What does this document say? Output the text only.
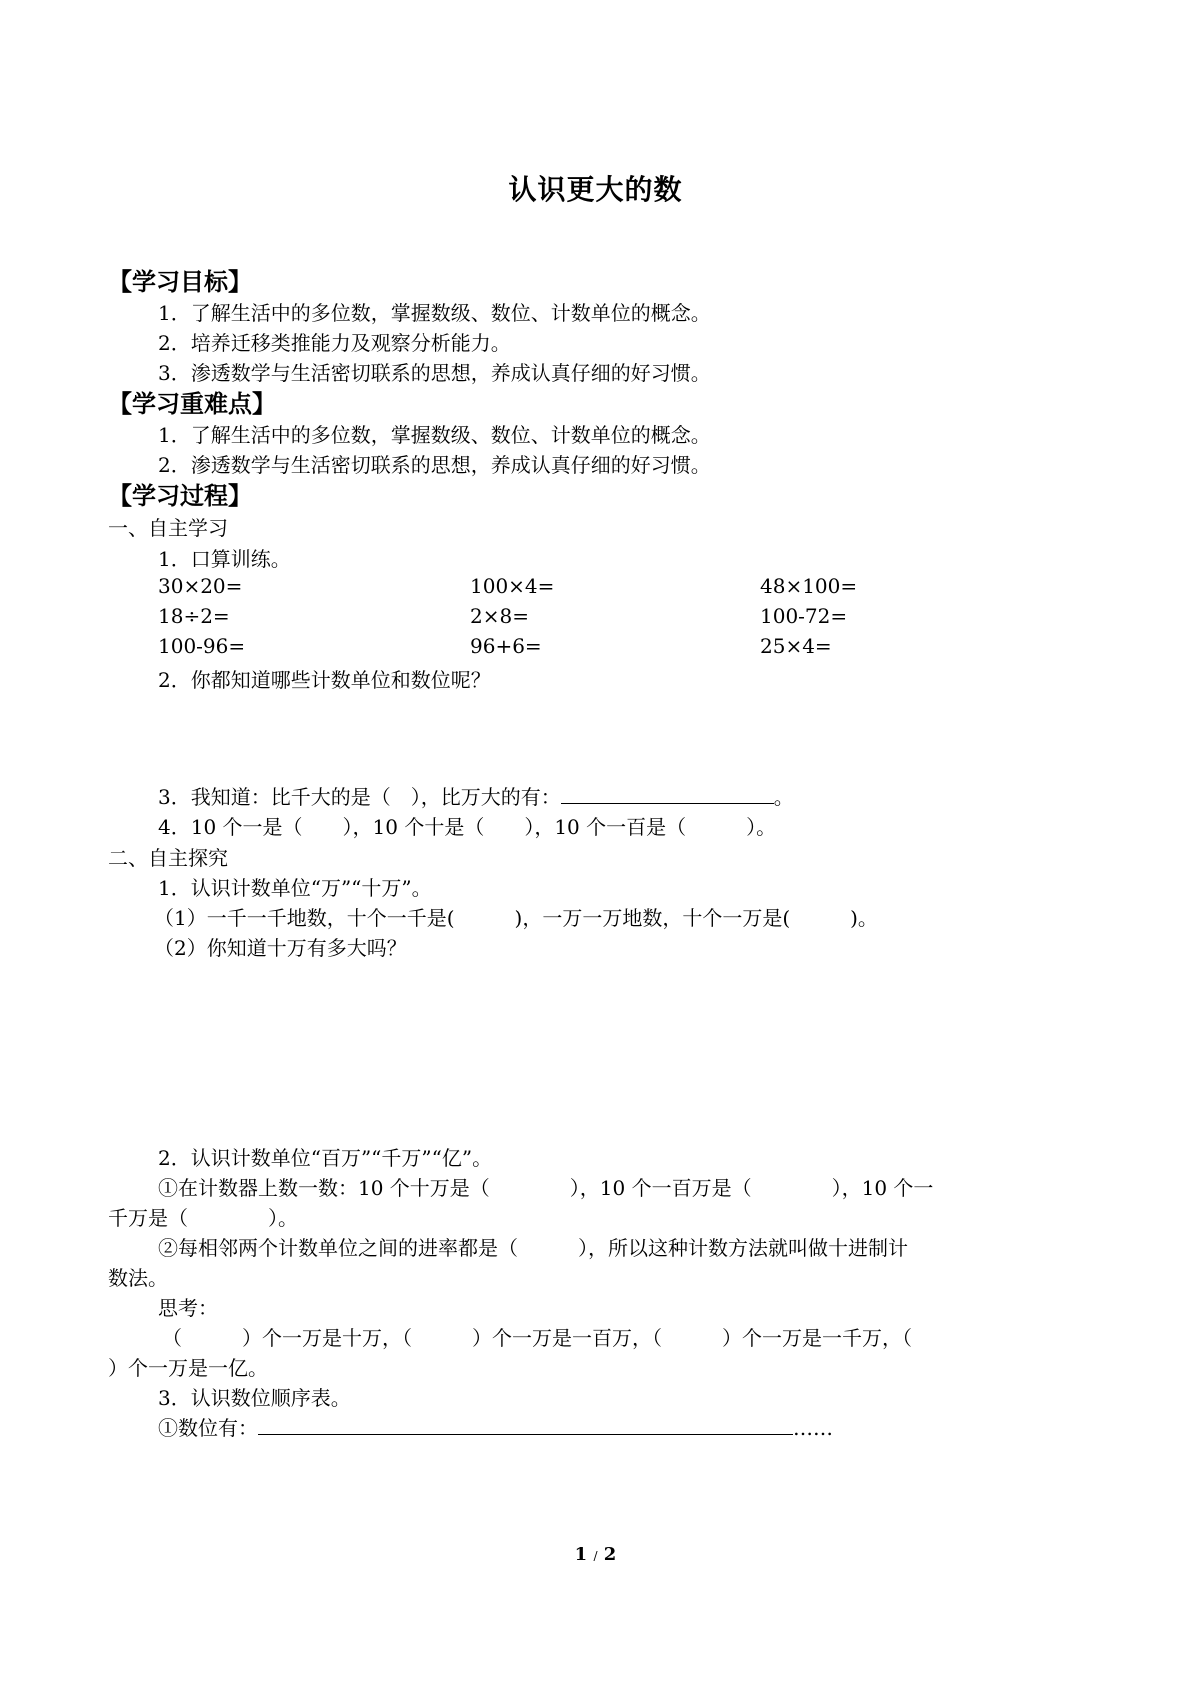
认识更大的数
【学习目标】
1．了解生活中的多位数，掌握数级、数位、计数单位的概念。
2．培养迁移类推能力及观察分析能力。
3．渗透数学与生活密切联系的思想，养成认真仔细的好习惯。
【学习重难点】
1．了解生活中的多位数，掌握数级、数位、计数单位的概念。
2．渗透数学与生活密切联系的思想，养成认真仔细的好习惯。
【学习过程】
一、自主学习
1．口算训练。
30×20=	100×4=	48×100=
18÷2=	2×8=	100-72=
100-96=	96+6=	25×4=
2．你都知道哪些计数单位和数位呢？
3．我知道：比千大的是（　），比万大的有：	。
4．10 个一是（　　），10 个十是（　　），10 个一百是（　　　）。
二、自主探究
1．认识计数单位“万”“十万”。
（1）一千一千地数，十个一千是(　　　)，一万一万地数，十个一万是(　　　)。
（2）你知道十万有多大吗？
2．认识计数单位“百万”“千万”“亿”。
①在计数器上数一数：10 个十万是（　　　　），10 个一百万是（　　　　），10 个一
千万是（　　　　）。
②每相邻两个计数单位之间的进率都是（　　　），所以这种计数方法就叫做十进制计
数法。
思考：
（　　　）个一万是十万，（　　　）个一万是一百万，（　　　）个一万是一千万，（
）个一万是一亿。
3．认识数位顺序表。
①数位有：	……
1 / 2
